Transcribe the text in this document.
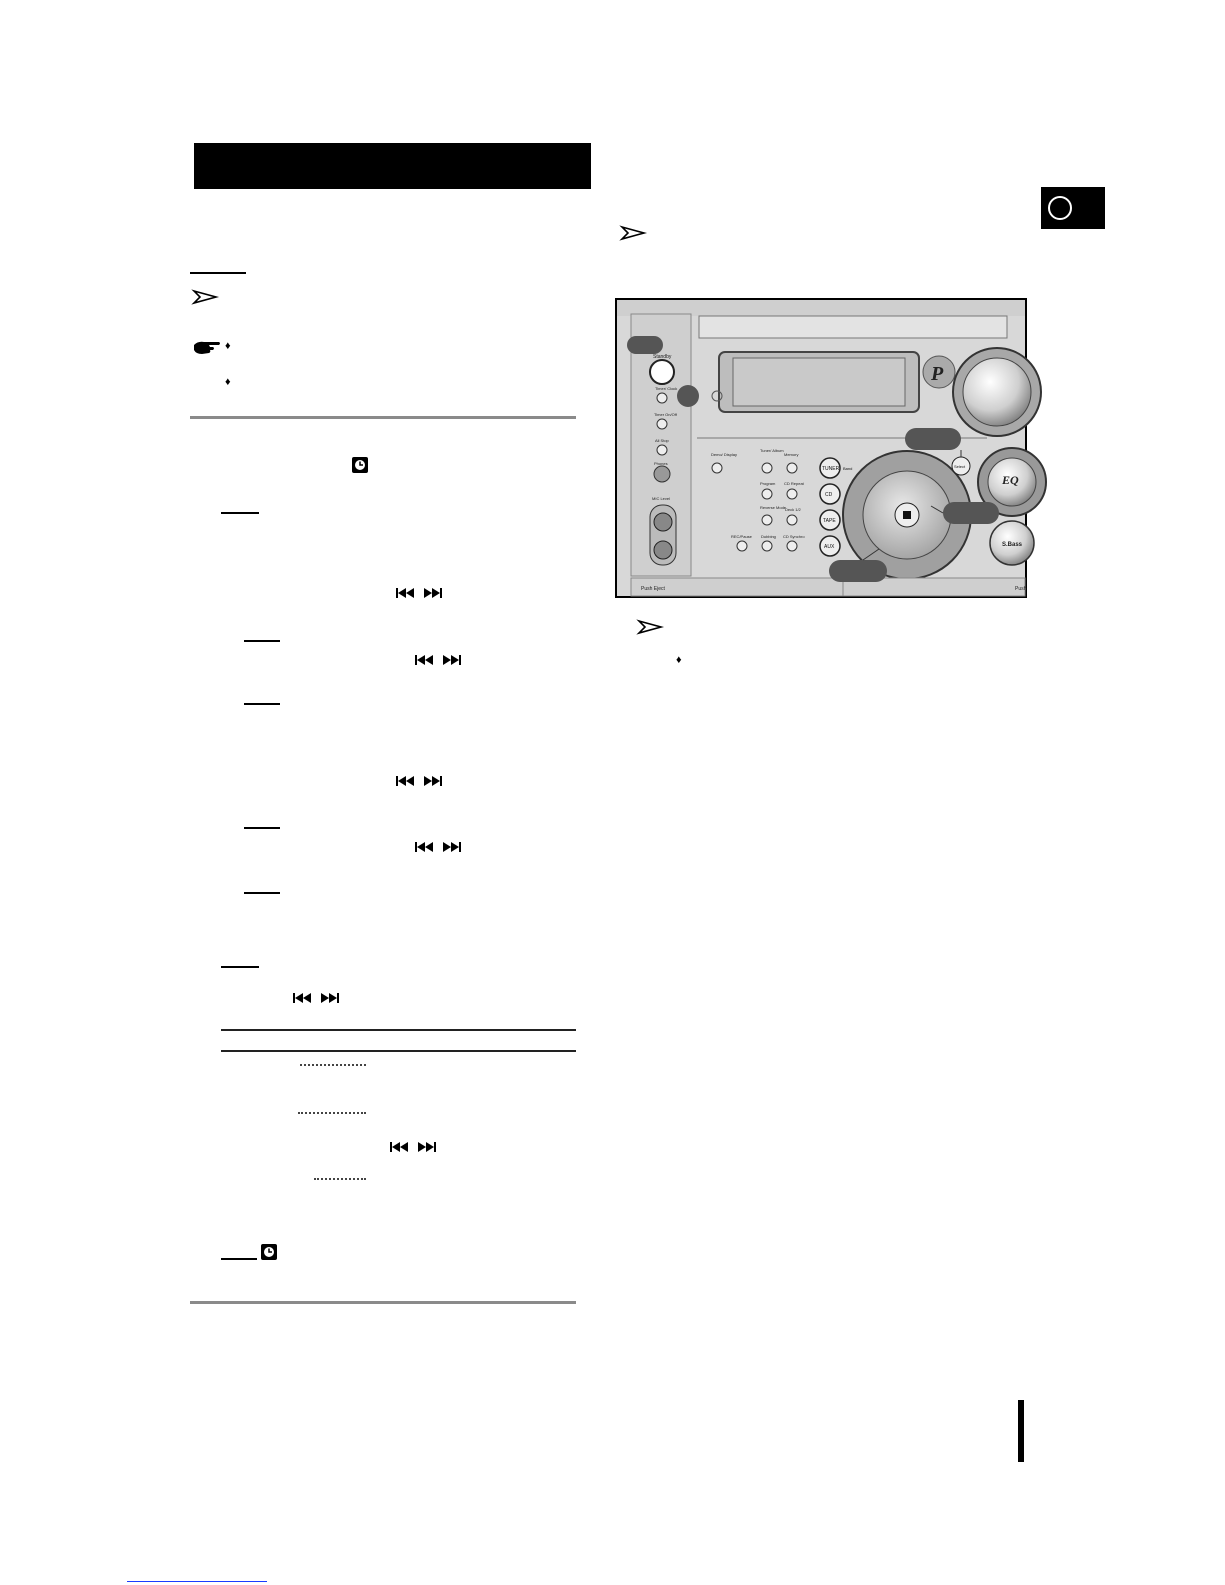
♦
♦	P
Standby
Timer/ Clock
Timer On/Off
All Stop
Phones
MIC Level
Demo/ Display
Tuner/ Album
Memory
Program CD Repeat
Reverse Mode
Deck 1/2
REC/Pause Dubbing CD Synchro
TUNER
CD
TAPE
AUX
Band	Select
EQ
S.Bass
Push Eject	Push
♦
